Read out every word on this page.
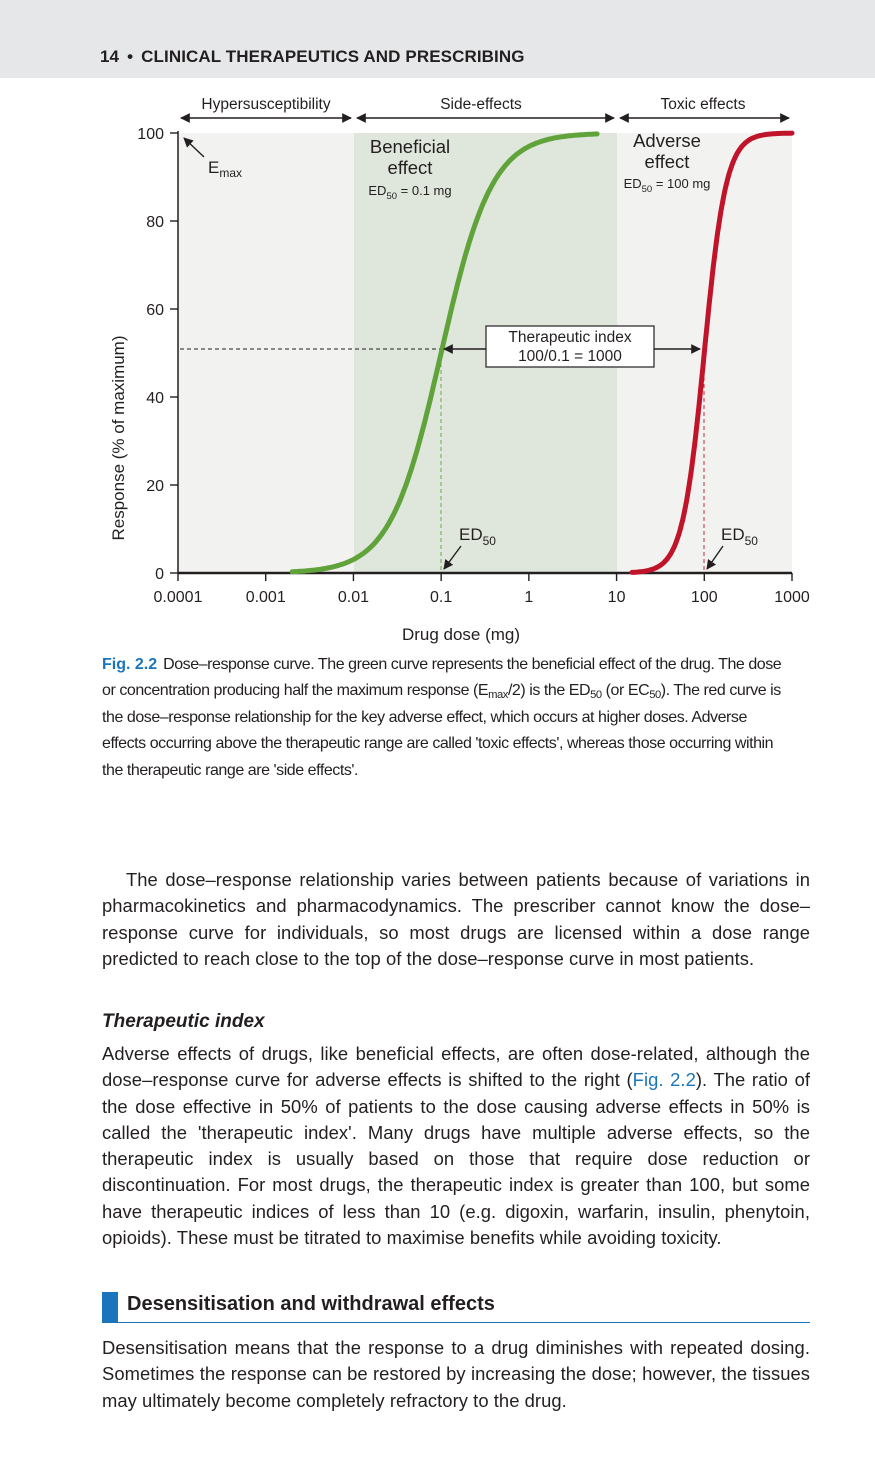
14 • CLINICAL THERAPEUTICS AND PRESCRIBING
Hypersusceptibility	Side-effects	Toxic effects
0
20
40
60
80
100
0.0001	0.001	0.01	0.1	1	10	100	1000
Response (% of maximum)
Drug dose (mg)
Therapeutic index
100/0.1 = 1000
$E_{max}$
Beneficial
effect
$ED_{50} = 0.1$ mg
Adverse
effect
$ED_{50} = 100$ mg
$ED_{50}$	$ED_{50}$
Fig. 2.2 Dose–response curve. The green curve represents the beneficial effect of the drug. The dose or concentration producing half the maximum response $(E_{max}/2)$ is the $ED_{50}$ (or $EC_{50}$). The red curve is the dose–response relationship for the key adverse effect, which occurs at higher doses. Adverse effects occurring above the therapeutic range are called 'toxic effects', whereas those occurring within the therapeutic range are 'side effects'.

The dose–response relationship varies between patients because of variations in pharmacokinetics and pharmacodynamics. The prescriber cannot know the dose–response curve for individuals, so most drugs are licensed within a dose range predicted to reach close to the top of the dose–response curve in most patients.

Therapeutic index

Adverse effects of drugs, like beneficial effects, are often dose-related, although the dose–response curve for adverse effects is shifted to the right (Fig. 2.2). The ratio of the dose effective in 50% of patients to the dose causing adverse effects in 50% is called the 'therapeutic index'. Many drugs have multiple adverse effects, so the therapeutic index is usually based on those that require dose reduction or discontinuation. For most drugs, the therapeutic index is greater than 100, but some have therapeutic indices of less than 10 (e.g. digoxin, warfarin, insulin, phenytoin, opioids). These must be titrated to maximise benefits while avoiding toxicity.

Desensitisation and withdrawal effects

Desensitisation means that the response to a drug diminishes with repeated dosing. Sometimes the response can be restored by increasing the dose; however, the tissues may ultimately become completely refractory to the drug.
